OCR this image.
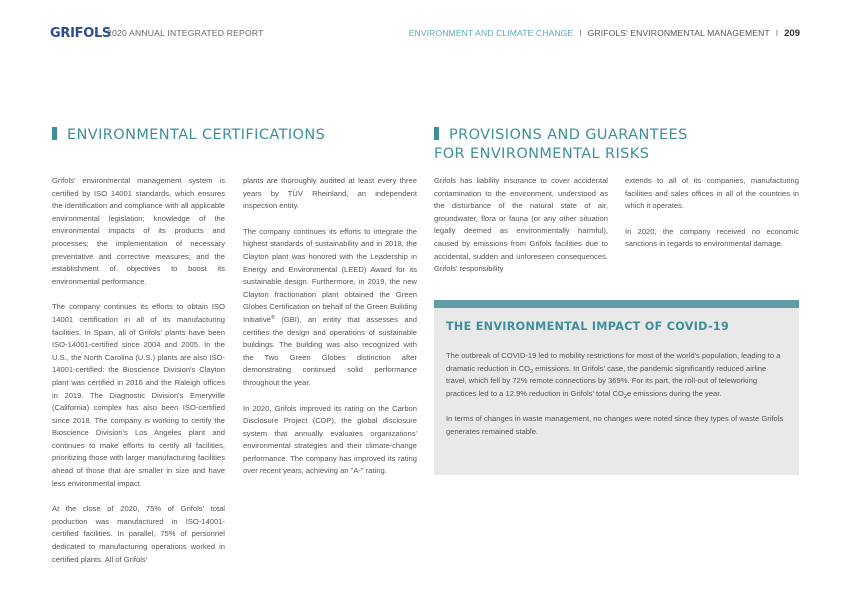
GRIFOLS
2020 ANNUAL INTEGRATED REPORT	ENVIRONMENT AND CLIMATE CHANGE I GRIFOLS' ENVIRONMENTAL MANAGEMENT I 209
ENVIRONMENTAL CERTIFICATIONS	PROVISIONS AND GUARANTEES
FOR ENVIRONMENTAL RISKS

Grifols' environmental management system is certified by ISO 14001 standards, which ensures the identification and compliance with all applicable environmental legislation; knowledge of the environmental impacts of its products and processes; the implementation of necessary preventative and corrective measures; and the establishment of objectives to boost its environmental performance.

The company continues its efforts to obtain ISO 14001 certification in all of its manufacturing facilities. In Spain, all of Grifols' plants have been ISO-14001-certified since 2004 and 2005. In the U.S., the North Carolina (U.S.) plants are also ISO-14001-certified: the Bioscience Division's Clayton plant was certified in 2016 and the Raleigh offices in 2019. The Diagnostic Division's Emeryville (California) complex has also been ISO-certified since 2018. The company is working to certify the Bioscience Division's Los Angeles plant and continues to make efforts to certify all facilities, prioritizing those with larger manufacturing facilities ahead of those that are smaller in size and have less environmental impact.

At the close of 2020, 75% of Grifols' total production was manufactured in ISO-14001-certified facilities. In parallel, 75% of personnel dedicated to manufacturing operations worked in certified plants. All of Grifols'

plants are thoroughly audited at least every three years by TÜV Rheinland, an independent inspection entity.

The company continues its efforts to integrate the highest standards of sustainability and in 2018, the Clayton plant was honored with the Leadership in Energy and Environmental (LEED) Award for its sustainable design. Furthermore, in 2019, the new Clayton fractionation plant obtained the Green Globes Certification on behalf of the Green Building Initiative® (GBI), an entity that assesses and certifies the design and operations of sustainable buildings. The building was also recognized with the Two Green Globes distinction after demonstrating continued solid performance throughout the year.

In 2020, Grifols improved its rating on the Carbon Disclosure Project (CDP), the global disclosure system that annually evaluates organizations' environmental strategies and their climate-change performance. The company has improved its rating over recent years, achieving an "A-" rating.

Grifols has liability insurance to cover accidental contamination to the environment, understood as the disturbance of the natural state of air, groundwater, flora or fauna (or any other situation legally deemed as environmentally harmful), caused by emissions from Grifols facilities due to accidental, sudden and unforeseen consequences. Grifols' responsibility

extends to all of its companies, manufacturing facilities and sales offices in all of the countries in which it operates.

In 2020, the company received no economic sanctions in regards to environmental damage.

THE ENVIRONMENTAL IMPACT OF COVID-19

The outbreak of COVID-19 led to mobility restrictions for most of the world's population, leading to a dramatic reduction in $CO_2$ emissions. In Grifols' case, the pandemic significantly reduced airline travel, which fell by 72% remote connections by 369%. For its part, the roll-out of teleworking practices led to a 12.9% reduction in Grifols' total $CO_2e$ emissions during the year.

In terms of changes in waste management, no changes were noted since they types of waste Grifols generates remained stable.
